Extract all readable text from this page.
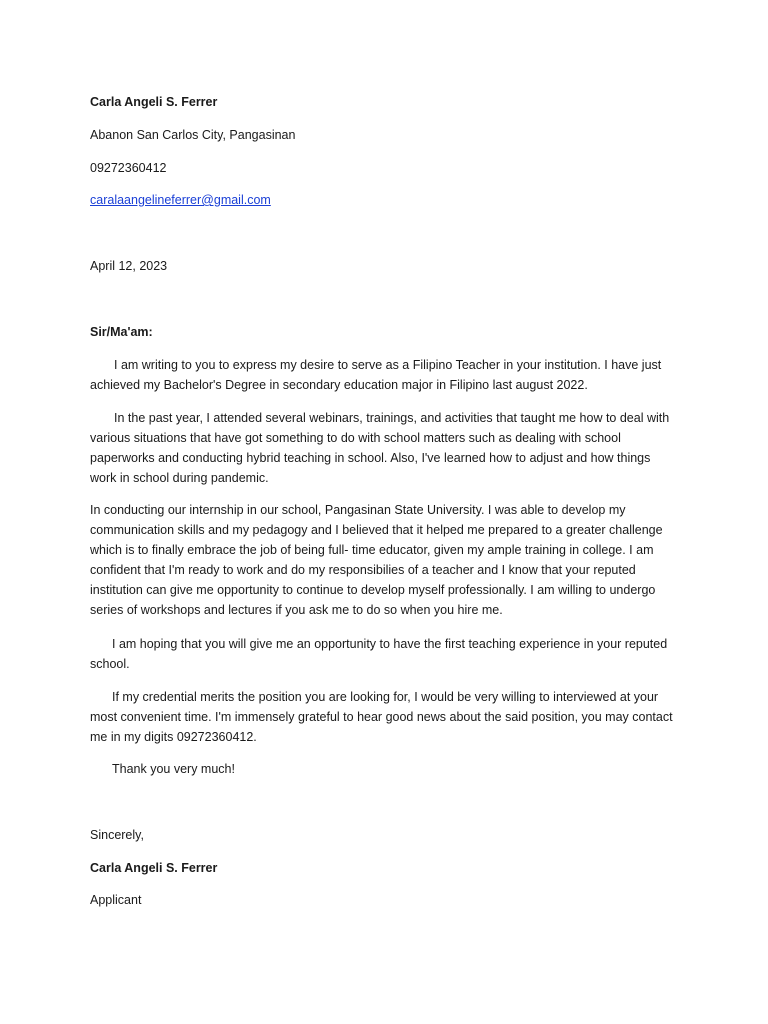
Carla Angeli S. Ferrer

Abanon San Carlos City, Pangasinan

09272360412

caralaangelineferrer@gmail.com

April 12, 2023

Sir/Ma'am:

I am writing to you to express my desire to serve as a Filipino Teacher in your institution. I have just achieved my Bachelor's Degree in secondary education major in Filipino last august 2022.

In the past year, I attended several webinars, trainings, and activities that taught me how to deal with various situations that have got something to do with school matters such as dealing with school paperworks and conducting hybrid teaching in school. Also, I've learned how to adjust and how things work in school during pandemic.

In conducting our internship in our school, Pangasinan State University. I was able to develop my communication skills and my pedagogy and I believed that it helped me prepared to a greater challenge which is to finally embrace the job of being full- time educator, given my ample training in college. I am confident that I'm ready to work and do my responsibilies of a teacher and I know that your reputed institution can give me opportunity to continue to develop myself professionally. I am willing to undergo series of workshops and lectures if you ask me to do so when you hire me.

I am hoping that you will give me an opportunity to have the first teaching experience in your reputed school.

If my credential merits the position you are looking for, I would be very willing to interviewed at your most convenient time. I'm immensely grateful to hear good news about the said position, you may contact me in my digits 09272360412.

Thank you very much!

Sincerely,

Carla Angeli S. Ferrer

Applicant
